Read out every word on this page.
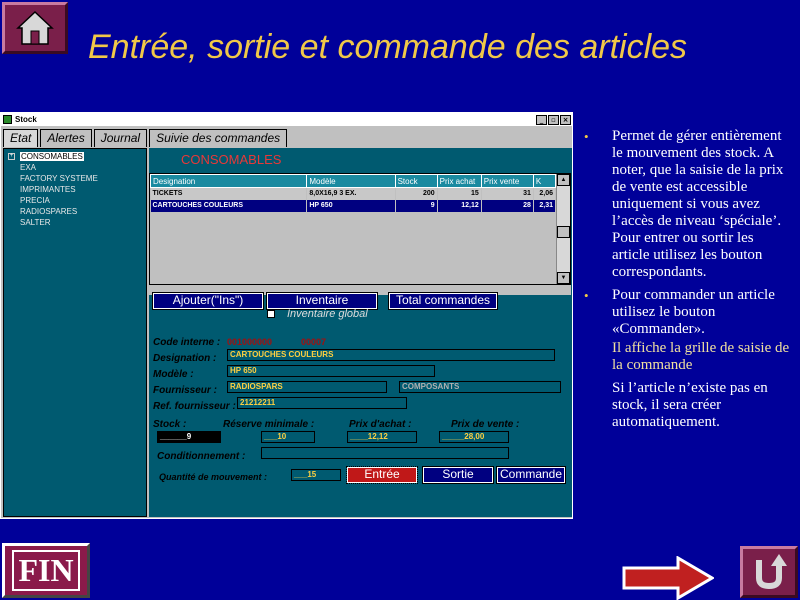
Entrée, sortie et commande des articles
Stock	_	▫ ×
Etat	Alertes	Journal	Suivie des commandes
+ CONSOMABLES
EXA
FACTORY SYSTEME
IMPRIMANTES
PRECIA
RADIOSPARES
SALTER
CONSOMABLES
Designation	Modèle	Stock	Prix achat	Prix vente	K
TICKETS	8,0X16,9 3 EX.	200	15	31	2,06
CARTOUCHES COULEURS	HP 650	9	12,12	28	2,31
▲
▼
Ajouter("Ins")	Inventaire	Total commandes
Inventaire global
Code interne : 001000000	00007
Designation :	CARTOUCHES COULEURS
Modèle :	HP 650
Fournisseur :	RADIOSPARS	COMPOSANTS
Ref. fournisseur : 21212211
Stock :	Réserve minimale :	Prix d'achat :	Prix de vente :
______9	___10	____12,12	_____28,00
Conditionnement :
Quantité de mouvement :	___15	Entrée	Sortie	Commande
• Permet de gérer entièrement le mouvement des stock. A noter, que la saisie de la prix de vente est accessible uniquement si vous avez l’accès de niveau ‘spéciale’. Pour entrer ou sortir les article utilisez les bouton correspondants.
• Pour commander un article utilisez le bouton «Commander».
Il affiche la grille de saisie de la commande
Si l’article n’existe pas en stock, il sera créer automatiquement.
FIN
